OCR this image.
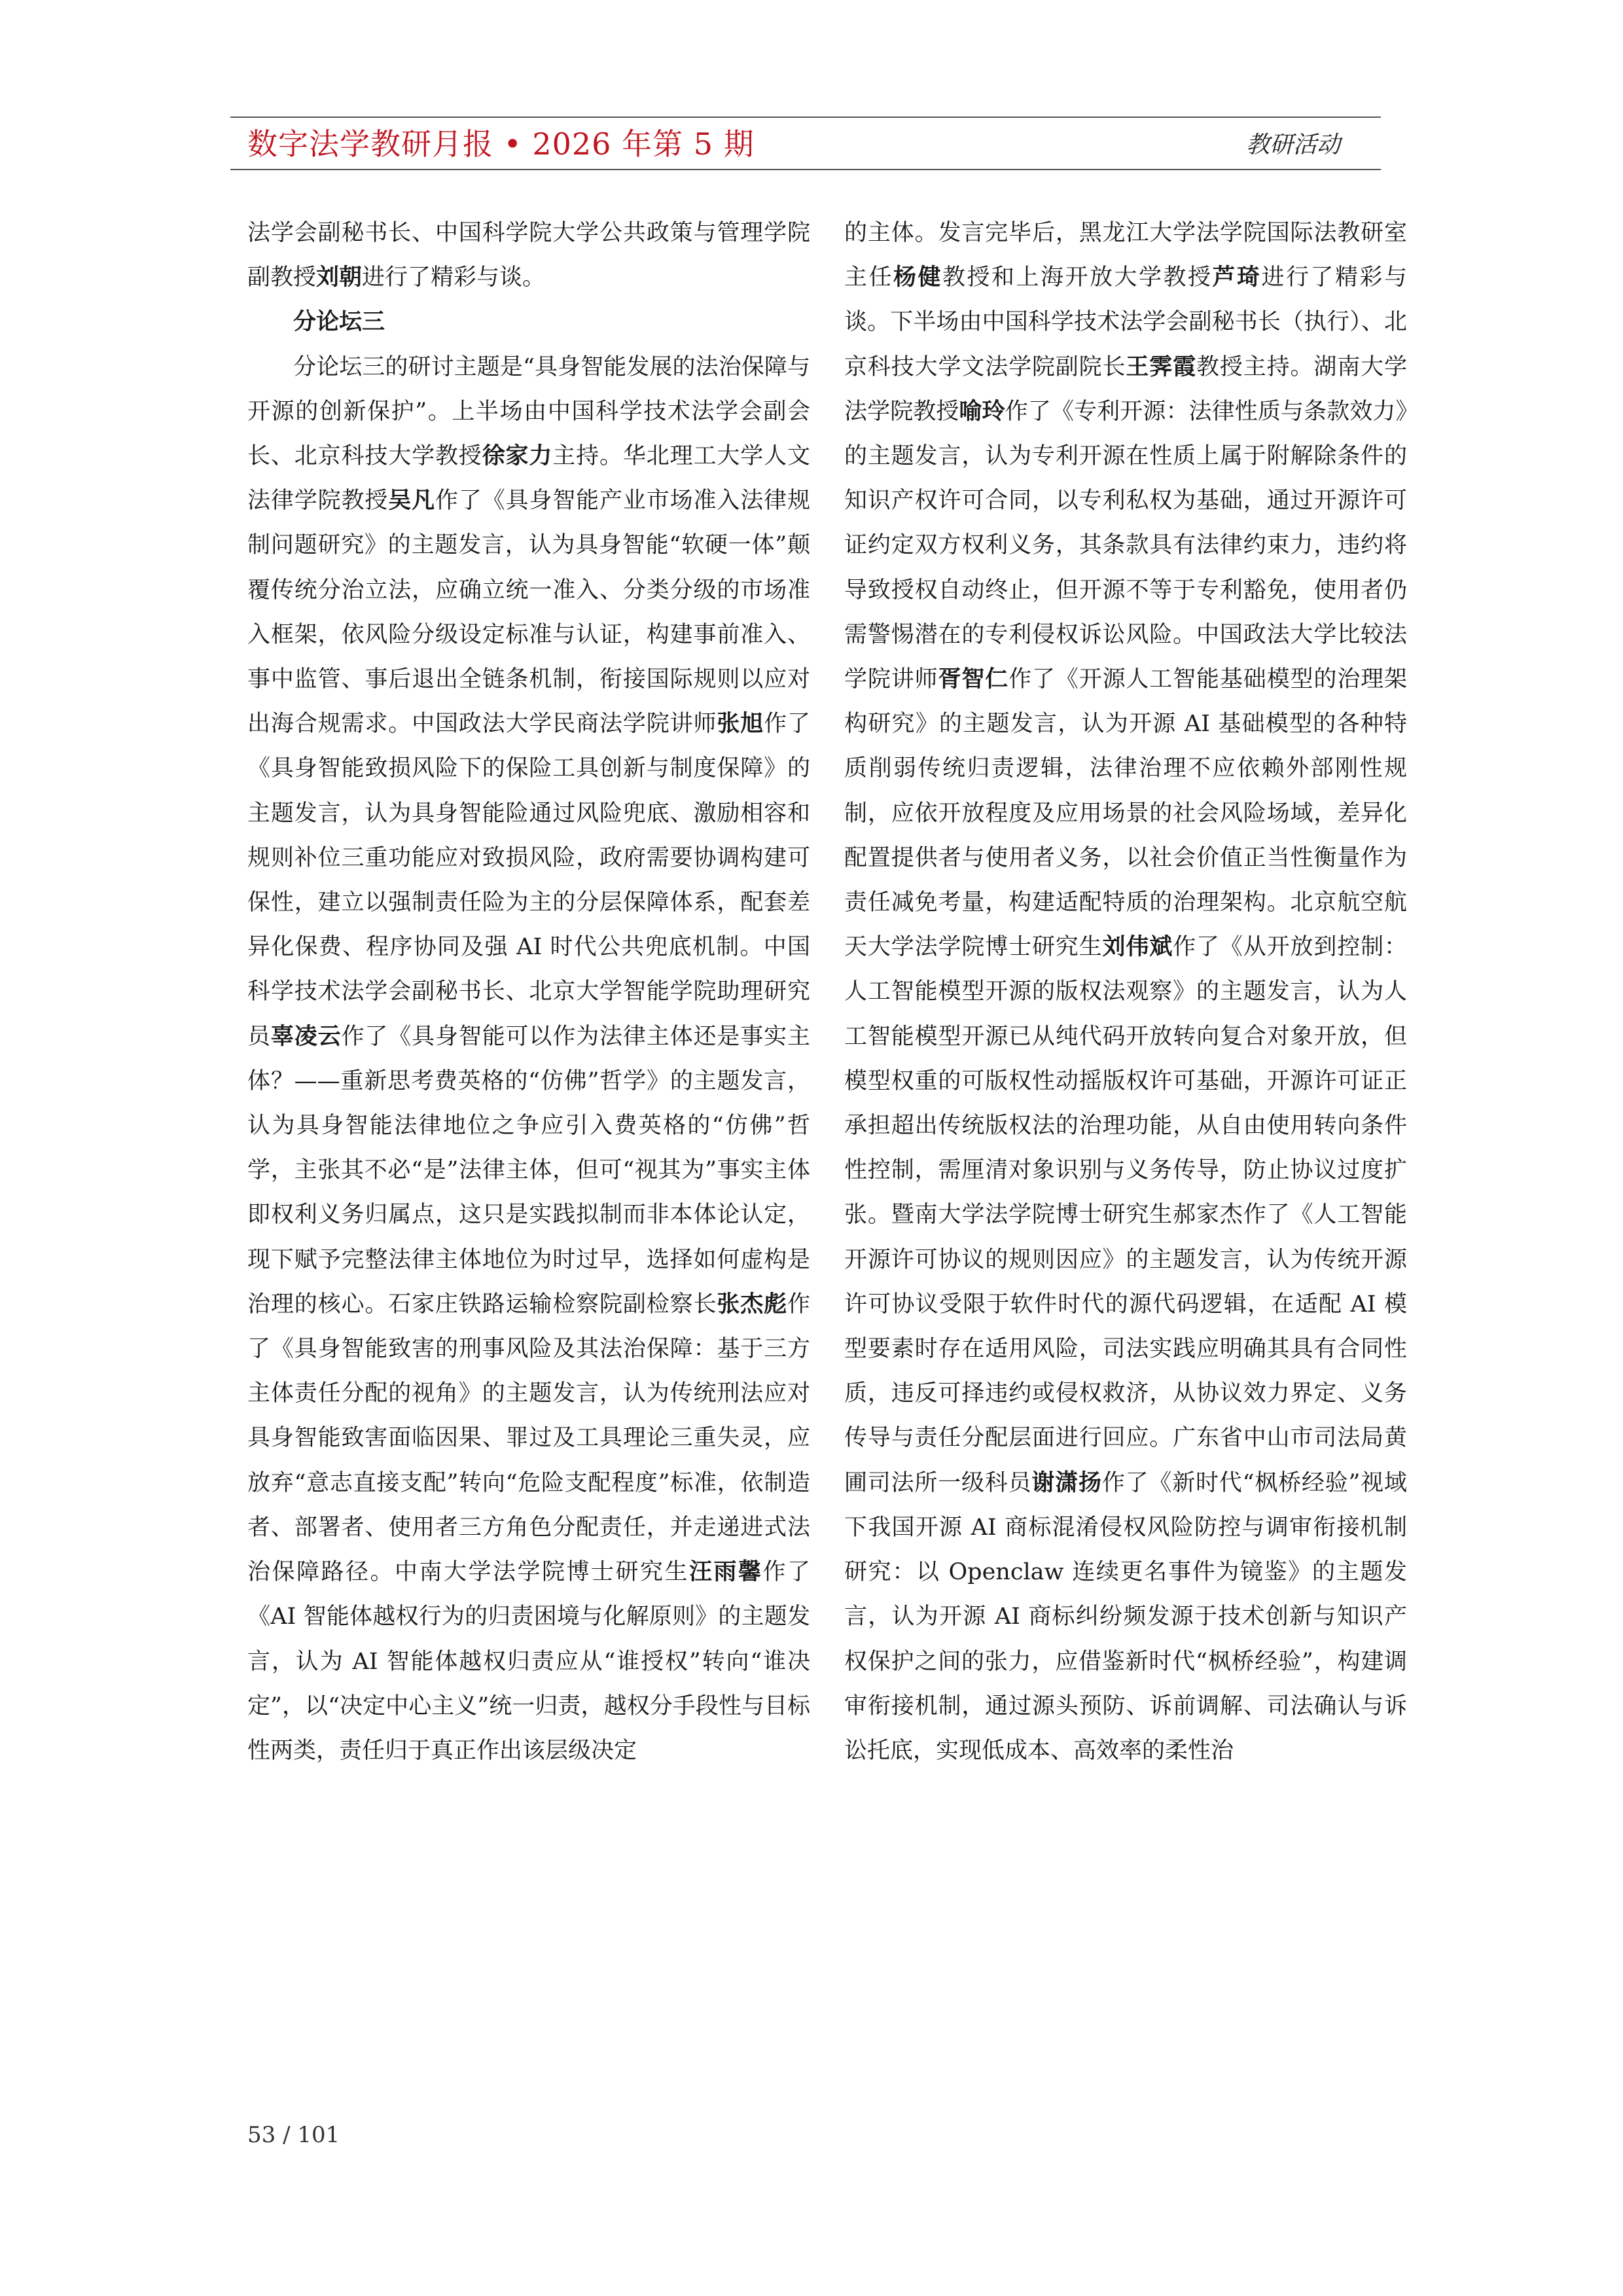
数字法学教研月报 • 2026 年第 5 期	教研活动

法学会副秘书长、中国科学院大学公共政策与管理学院副教授刘朝进行了精彩与谈。

分论坛三

分论坛三的研讨主题是“具身智能发展的法治保障与开源的创新保护”。上半场由中国科学技术法学会副会长、北京科技大学教授徐家力主持。华北理工大学人文法律学院教授吴凡作了《具身智能产业市场准入法律规制问题研究》的主题发言，认为具身智能“软硬一体”颠覆传统分治立法，应确立统一准入、分类分级的市场准入框架，依风险分级设定标准与认证，构建事前准入、事中监管、事后退出全链条机制，衔接国际规则以应对出海合规需求。中国政法大学民商法学院讲师张旭作了《具身智能致损风险下的保险工具创新与制度保障》的主题发言，认为具身智能险通过风险兜底、激励相容和规则补位三重功能应对致损风险，政府需要协调构建可保性，建立以强制责任险为主的分层保障体系，配套差异化保费、程序协同及强 AI 时代公共兜底机制。中国科学技术法学会副秘书长、北京大学智能学院助理研究员辜凌云作了《具身智能可以作为法律主体还是事实主体？——重新思考费英格的“仿佛”哲学》的主题发言，认为具身智能法律地位之争应引入费英格的“仿佛”哲学，主张其不必“是”法律主体，但可“视其为”事实主体即权利义务归属点，这只是实践拟制而非本体论认定，现下赋予完整法律主体地位为时过早，选择如何虚构是治理的核心。石家庄铁路运输检察院副检察长张杰彪作了《具身智能致害的刑事风险及其法治保障：基于三方主体责任分配的视角》的主题发言，认为传统刑法应对具身智能致害面临因果、罪过及工具理论三重失灵，应放弃“意志直接支配”转向“危险支配程度”标准，依制造者、部署者、使用者三方角色分配责任，并走递进式法治保障路径。中南大学法学院博士研究生汪雨馨作了《AI 智能体越权行为的归责困境与化解原则》的主题发言，认为 AI 智能体越权归责应从“谁授权”转向“谁决定”，以“决定中心主义”统一归责，越权分手段性与目标性两类，责任归于真正作出该层级决定

的主体。发言完毕后，黑龙江大学法学院国际法教研室主任杨健教授和上海开放大学教授芦琦进行了精彩与谈。下半场由中国科学技术法学会副秘书长（执行）、北京科技大学文法学院副院长王霁霞教授主持。湖南大学法学院教授喻玲作了《专利开源：法律性质与条款效力》的主题发言，认为专利开源在性质上属于附解除条件的知识产权许可合同，以专利私权为基础，通过开源许可证约定双方权利义务，其条款具有法律约束力，违约将导致授权自动终止，但开源不等于专利豁免，使用者仍需警惕潜在的专利侵权诉讼风险。中国政法大学比较法学院讲师胥智仁作了《开源人工智能基础模型的治理架构研究》的主题发言，认为开源 AI 基础模型的各种特质削弱传统归责逻辑，法律治理不应依赖外部刚性规制，应依开放程度及应用场景的社会风险场域，差异化配置提供者与使用者义务，以社会价值正当性衡量作为责任减免考量，构建适配特质的治理架构。北京航空航天大学法学院博士研究生刘伟斌作了《从开放到控制：人工智能模型开源的版权法观察》的主题发言，认为人工智能模型开源已从纯代码开放转向复合对象开放，但模型权重的可版权性动摇版权许可基础，开源许可证正承担超出传统版权法的治理功能，从自由使用转向条件性控制，需厘清对象识别与义务传导，防止协议过度扩张。暨南大学法学院博士研究生郝家杰作了《人工智能开源许可协议的规则因应》的主题发言，认为传统开源许可协议受限于软件时代的源代码逻辑，在适配 AI 模型要素时存在适用风险，司法实践应明确其具有合同性质，违反可择违约或侵权救济，从协议效力界定、义务传导与责任分配层面进行回应。广东省中山市司法局黄圃司法所一级科员谢潇扬作了《新时代“枫桥经验”视域下我国开源 AI 商标混淆侵权风险防控与调审衔接机制研究：以 Openclaw 连续更名事件为镜鉴》的主题发言，认为开源 AI 商标纠纷频发源于技术创新与知识产权保护之间的张力，应借鉴新时代“枫桥经验”，构建调审衔接机制，通过源头预防、诉前调解、司法确认与诉讼托底，实现低成本、高效率的柔性治

53 / 101
